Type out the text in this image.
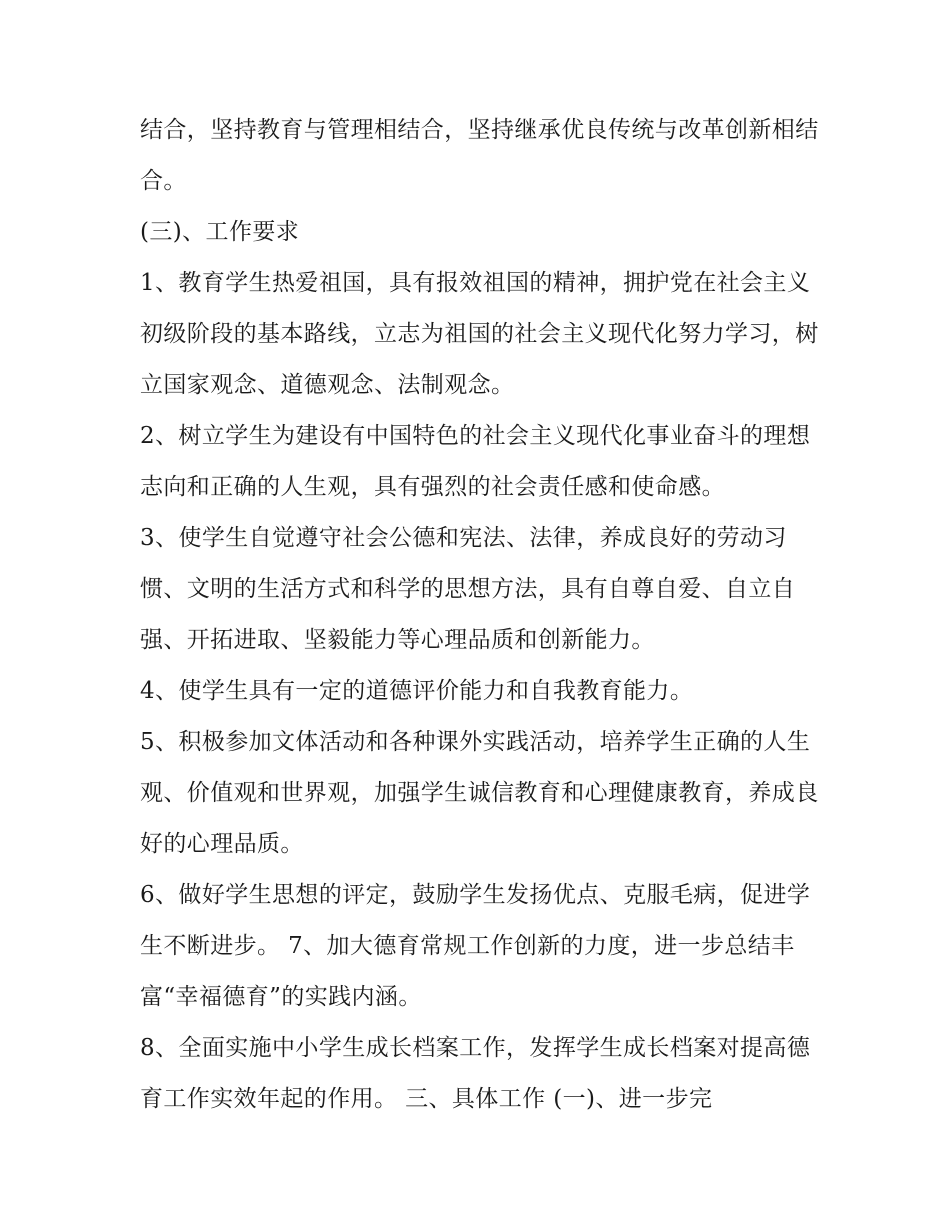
结合，坚持教育与管理相结合，坚持继承优良传统与改革创新相结合。

(三)、工作要求

1、教育学生热爱祖国，具有报效祖国的精神，拥护党在社会主义初级阶段的基本路线，立志为祖国的社会主义现代化努力学习，树立国家观念、道德观念、法制观念。

2、树立学生为建设有中国特色的社会主义现代化事业奋斗的理想志向和正确的人生观，具有强烈的社会责任感和使命感。

3、使学生自觉遵守社会公德和宪法、法律，养成良好的劳动习惯、文明的生活方式和科学的思想方法，具有自尊自爱、自立自强、开拓进取、坚毅能力等心理品质和创新能力。

4、使学生具有一定的道德评价能力和自我教育能力。

5、积极参加文体活动和各种课外实践活动，培养学生正确的人生观、价值观和世界观，加强学生诚信教育和心理健康教育，养成良好的心理品质。

6、做好学生思想的评定，鼓励学生发扬优点、克服毛病，促进学生不断进步。 7、加大德育常规工作创新的力度，进一步总结丰富“幸福德育”的实践内涵。

8、全面实施中小学生成长档案工作，发挥学生成长档案对提高德育工作实效年起的作用。 三、具体工作 (一)、进一步完
